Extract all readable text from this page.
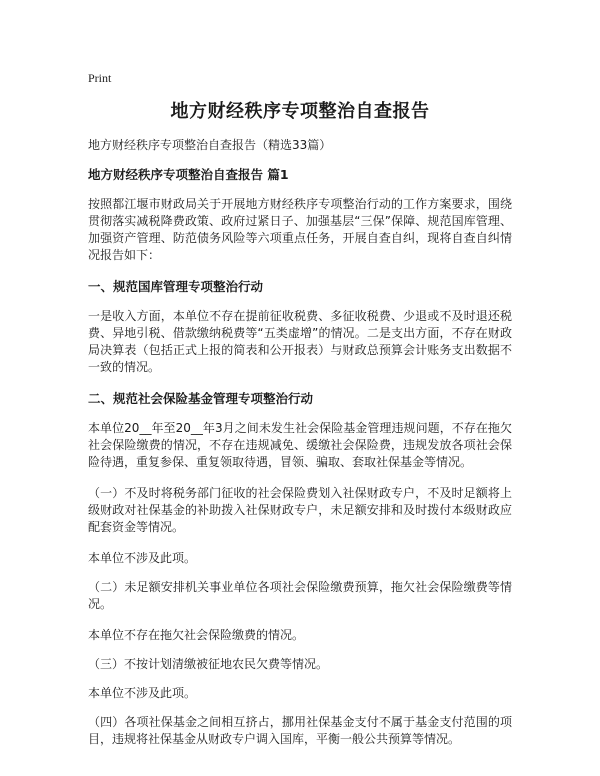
Print
地方财经秩序专项整治自查报告
地方财经秩序专项整治自查报告（精选33篇）
地方财经秩序专项整治自查报告 篇1
按照都江堰市财政局关于开展地方财经秩序专项整治行动的工作方案要求，围绕贯彻落实减税降费政策、政府过紧日子、加强基层“三保”保障、规范国库管理、加强资产管理、防范债务风险等六项重点任务，开展自查自纠，现将自查自纠情况报告如下：
一、规范国库管理专项整治行动
一是收入方面，本单位不存在提前征收税费、多征收税费、少退或不及时退还税费、异地引税、借款缴纳税费等“五类虚增”的情况。二是支出方面，不存在财政局决算表（包括正式上报的简表和公开报表）与财政总预算会计账务支出数据不一致的情况。
二、规范社会保险基金管理专项整治行动
本单位20__年至20__年3月之间未发生社会保险基金管理违规问题，不存在拖欠社会保险缴费的情况，不存在违规减免、缓缴社会保险费，违规发放各项社会保险待遇，重复参保、重复领取待遇，冒领、骗取、套取社保基金等情况。
（一）不及时将税务部门征收的社会保险费划入社保财政专户，不及时足额将上级财政对社保基金的补助拨入社保财政专户，未足额安排和及时拨付本级财政应配套资金等情况。
本单位不涉及此项。
（二）未足额安排机关事业单位各项社会保险缴费预算，拖欠社会保险缴费等情况。
本单位不存在拖欠社会保险缴费的情况。
（三）不按计划清缴被征地农民欠费等情况。
本单位不涉及此项。
（四）各项社保基金之间相互挤占，挪用社保基金支付不属于基金支付范围的项目，违规将社保基金从财政专户调入国库，平衡一般公共预算等情况。
